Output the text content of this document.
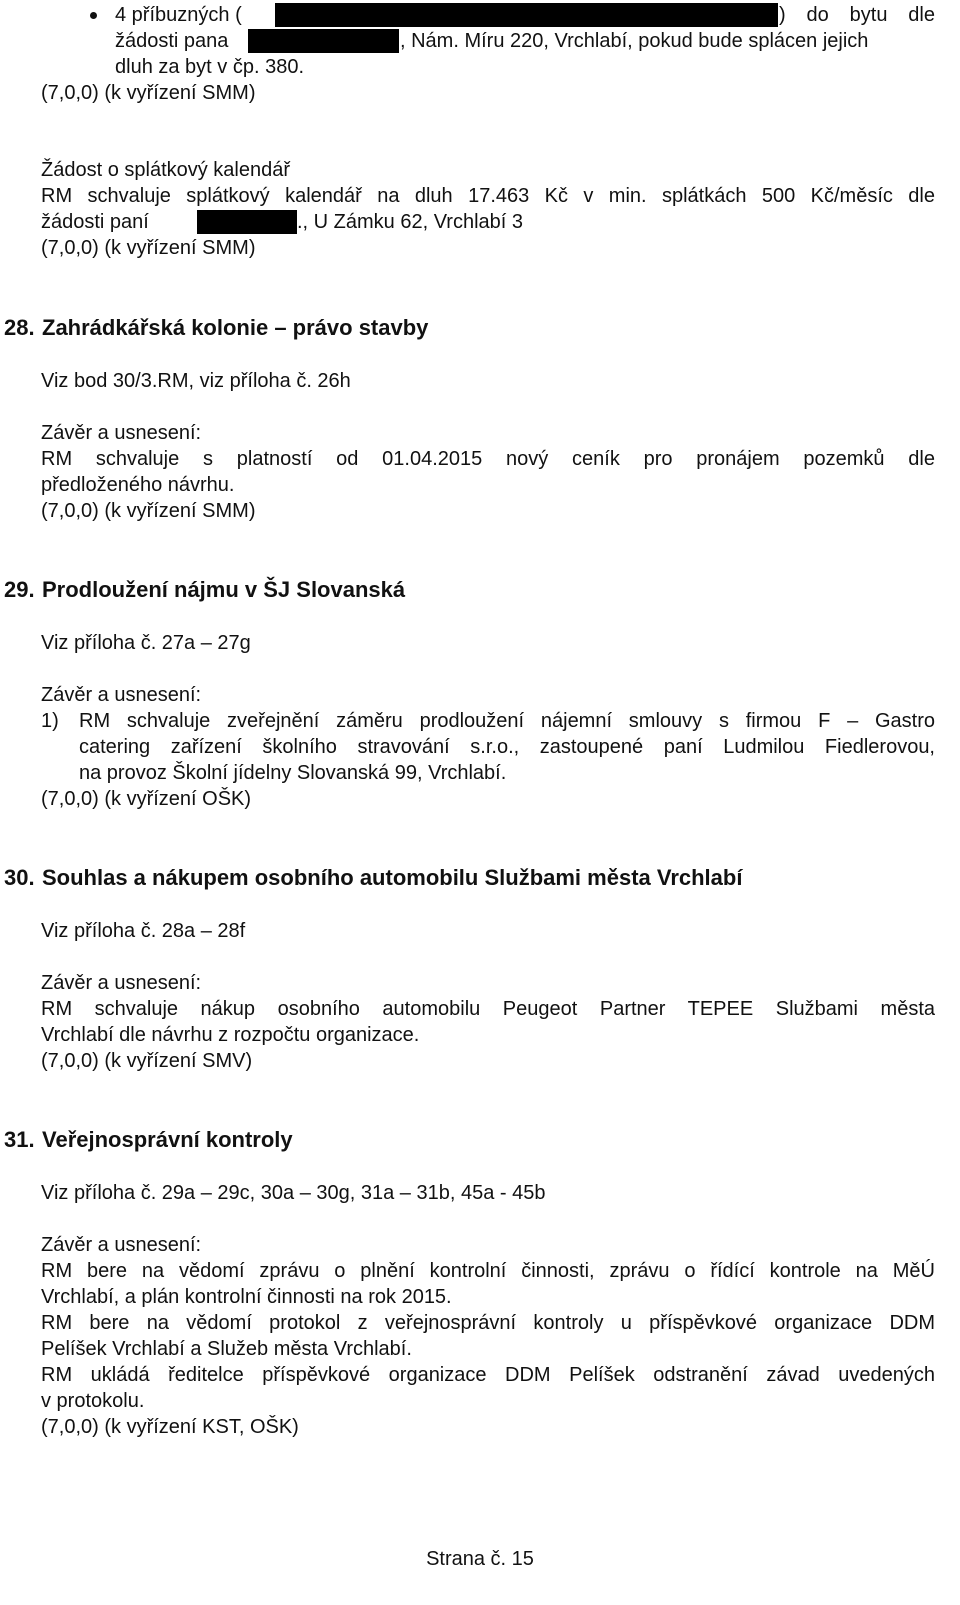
4 příbuzných (	) do bytu dle
žádosti pana	, Nám. Míru 220, Vrchlabí, pokud bude splácen jejich
dluh za byt v čp. 380.
(7,0,0) (k vyřízení SMM)
Žádost o splátkový kalendář
RM schvaluje splátkový kalendář na dluh 17.463 Kč v min. splátkách 500 Kč/měsíc dle
žádosti paní	., U Zámku 62, Vrchlabí 3
(7,0,0) (k vyřízení SMM)
28. Zahrádkářská kolonie – právo stavby
Viz bod 30/3.RM, viz příloha č. 26h
Závěr a usnesení:
RM schvaluje s platností od 01.04.2015 nový ceník pro pronájem pozemků dle
předloženého návrhu.
(7,0,0) (k vyřízení SMM)
29. Prodloužení nájmu v ŠJ Slovanská
Viz příloha č. 27a – 27g
Závěr a usnesení:
1) RM schvaluje zveřejnění záměru prodloužení nájemní smlouvy s firmou F – Gastro
catering zařízení školního stravování s.r.o., zastoupené paní Ludmilou Fiedlerovou,
na provoz Školní jídelny Slovanská 99, Vrchlabí.
(7,0,0) (k vyřízení OŠK)
30. Souhlas a nákupem osobního automobilu Službami města Vrchlabí
Viz příloha č. 28a – 28f
Závěr a usnesení:
RM schvaluje nákup osobního automobilu Peugeot Partner TEPEE Službami města
Vrchlabí dle návrhu z rozpočtu organizace.
(7,0,0) (k vyřízení SMV)
31. Veřejnosprávní kontroly
Viz příloha č. 29a – 29c, 30a – 30g, 31a – 31b, 45a - 45b
Závěr a usnesení:
RM bere na vědomí zprávu o plnění kontrolní činnosti, zprávu o řídící kontrole na MěÚ
Vrchlabí, a plán kontrolní činnosti na rok 2015.
RM bere na vědomí protokol z veřejnosprávní kontroly u příspěvkové organizace DDM
Pelíšek Vrchlabí a Služeb města Vrchlabí.
RM ukládá ředitelce příspěvkové organizace DDM Pelíšek odstranění závad uvedených
v protokolu.
(7,0,0) (k vyřízení KST, OŠK)
Strana č. 15
